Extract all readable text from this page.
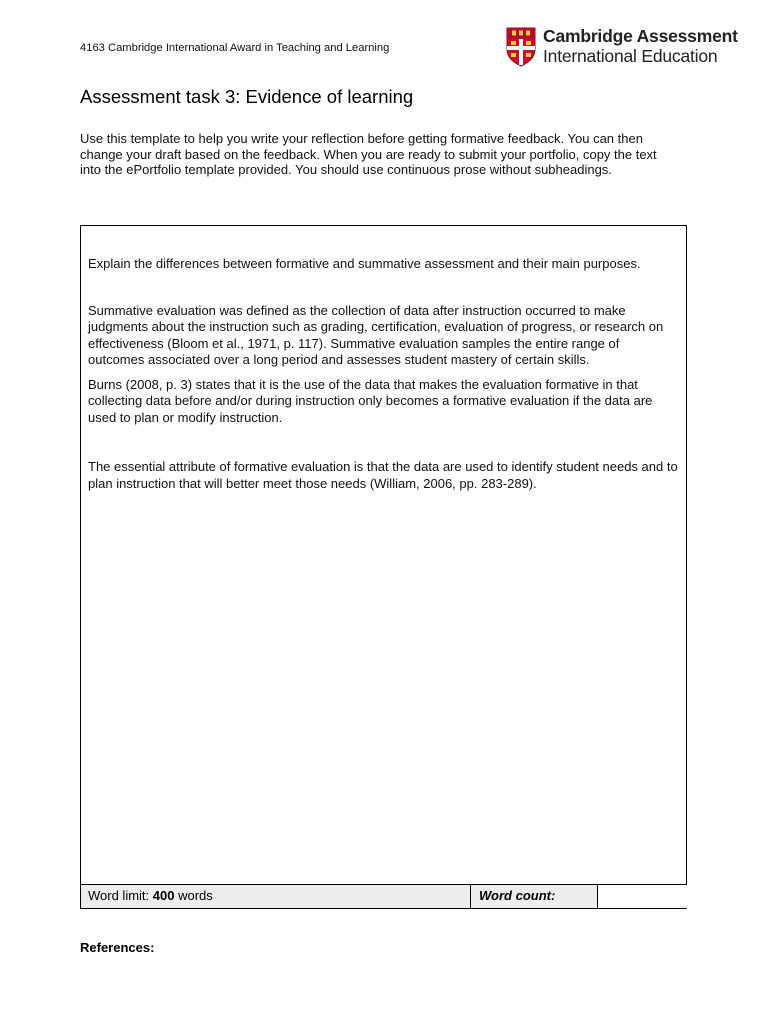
4163 Cambridge International Award in Teaching and Learning
Cambridge Assessment
International Education
Assessment task 3: Evidence of learning

Use this template to help you write your reflection before getting formative feedback. You can then change your draft based on the feedback. When you are ready to submit your portfolio, copy the text into the ePortfolio template provided. You should use continuous prose without subheadings.

Explain the differences between formative and summative assessment and their main purposes.

Summative evaluation was defined as the collection of data after instruction occurred to make judgments about the instruction such as grading, certification, evaluation of progress, or research on effectiveness (Bloom et al., 1971, p. 117). Summative evaluation samples the entire range of outcomes associated over a long period and assesses student mastery of certain skills.

Burns (2008, p. 3) states that it is the use of the data that makes the evaluation formative in that collecting data before and/or during instruction only becomes a formative evaluation if the data are used to plan or modify instruction.

The essential attribute of formative evaluation is that the data are used to identify student needs and to plan instruction that will better meet those needs (William, 2006, pp. 283-289).

Word limit: 400 words	Word count:
References:
